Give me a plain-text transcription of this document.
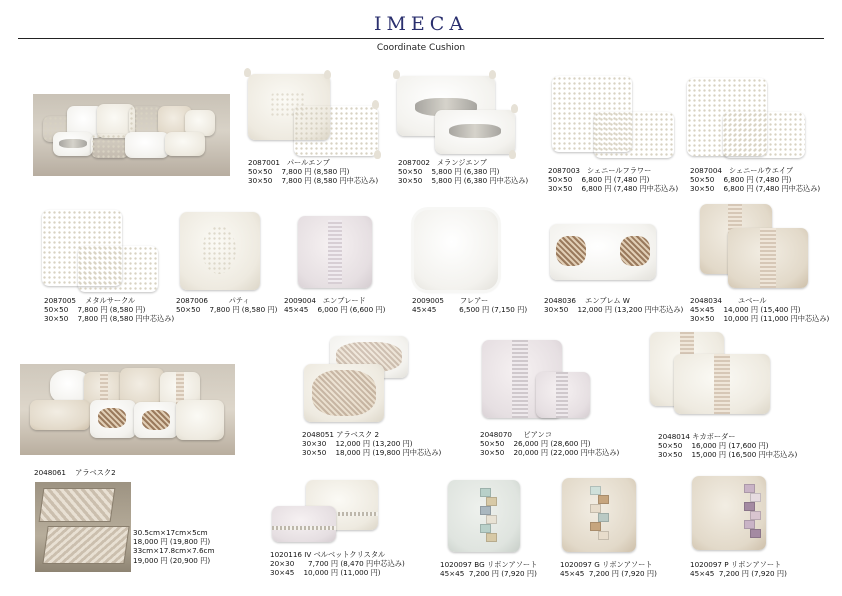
IMECA
Coordinate Cushion
2087001   パールエンブ
50×50    7,800 円 (8,580 円)
30×50    7,800 円 (8,580 円中芯込み)
2087002   メランジエンブ
50×50    5,800 円 (6,380 円)
30×50    5,800 円 (6,380 円中芯込み)
2087003   シェニールフラワー
50×50    6,800 円 (7,480 円)
30×50    6,800 円 (7,480 円中芯込み)
2087004   シェニールウエイブ
50×50    6,800 円 (7,480 円)
30×50    6,800 円 (7,480 円中芯込み)
2087005    メタルサークル
50×50    7,800 円 (8,580 円)
30×50    7,800 円 (8,580 円中芯込み)
2087006         パティ
50×50    7,800 円 (8,580 円)
2009004   エンブレード
45×45    6,000 円 (6,600 円)
2009005       フレアー
45×45          6,500 円 (7,150 円)
2048036    エンブレム W
30×50    12,000 円 (13,200 円中芯込み)
2048034       ユベール
45×45    14,000 円 (15,400 円)
30×50    10,000 円 (11,000 円中芯込み)
2048051 アラベスク 2
30×30    12,000 円 (13,200 円)
30×50    18,000 円 (19,800 円中芯込み)
2048070     ビアンコ
50×50    26,000 円 (28,600 円)
30×50    20,000 円 (22,000 円中芯込み)
2048014 キカボーダー
50×50    16,000 円 (17,600 円)
30×50    15,000 円 (16,500 円中芯込み)
2048061    アラベスク2
30.5cm×17cm×5cm
18,000 円 (19,800 円)
33cm×17.8cm×7.6cm
19,000 円 (20,900 円)
1020116 IV ベルベットクリスタル
20×30      7,700 円 (8,470 円中芯込み)
30×45    10,000 円 (11,000 円)
1020097 BG リボンアソート
45×45  7,200 円 (7,920 円)
1020097 G リボンアソート
45×45  7,200 円 (7,920 円)
1020097 P リボンアソート
45×45  7,200 円 (7,920 円)
